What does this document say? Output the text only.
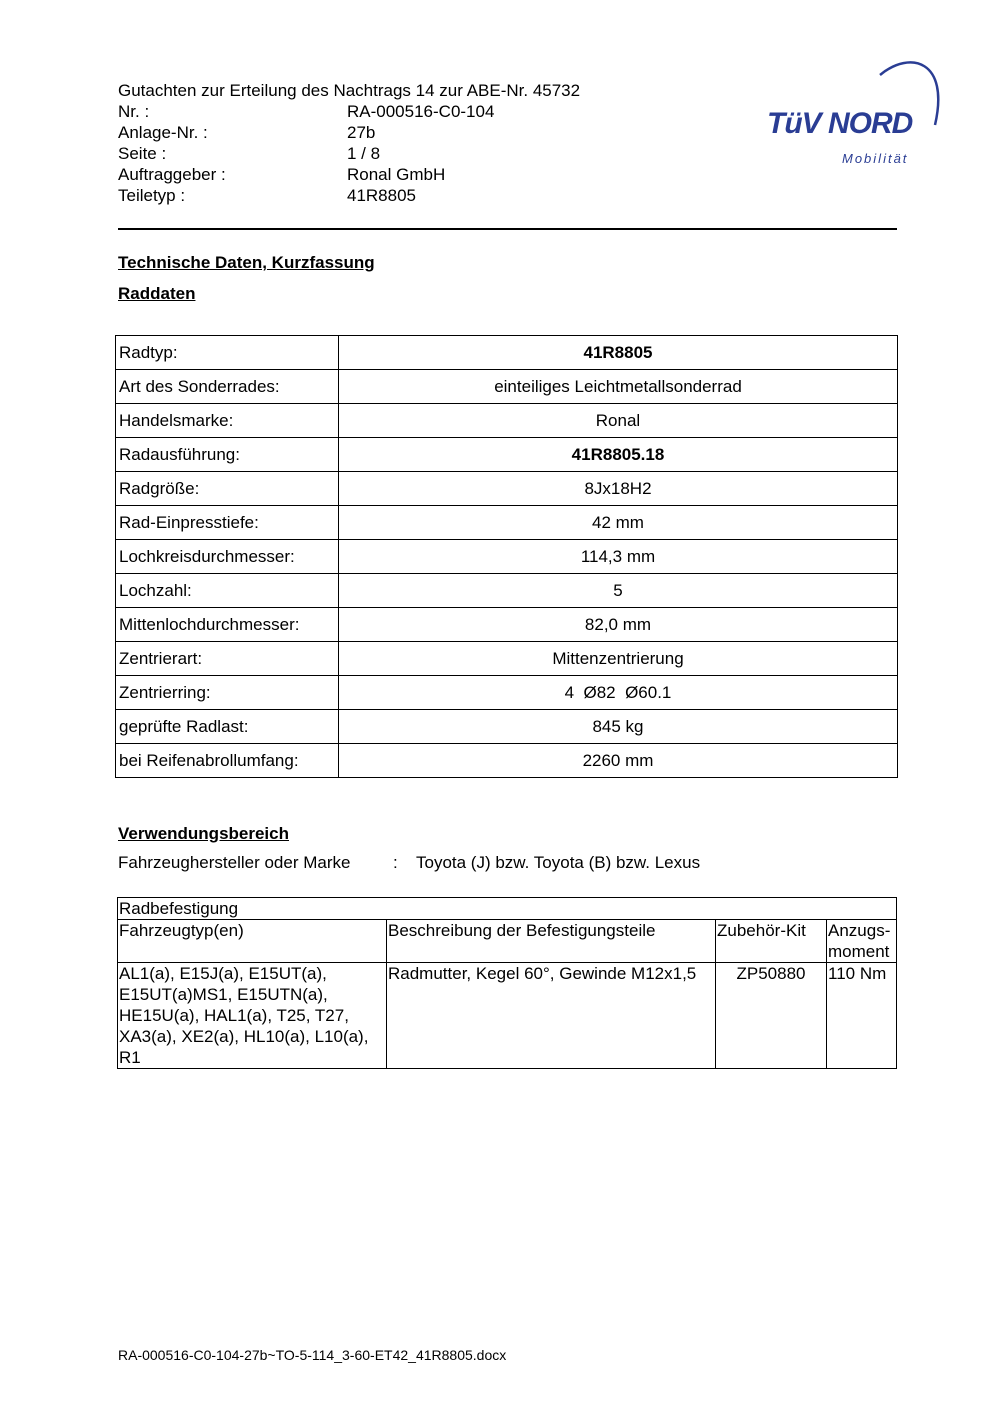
Gutachten zur Erteilung des Nachtrags 14 zur ABE-Nr. 45732
Nr. :	RA-000516-C0-104
Anlage-Nr. :	27b
Seite :	1 / 8
Auftraggeber :	Ronal GmbH
Teiletyp :	41R8805
TüV NORD
Mobilität
Technische Daten, Kurzfassung
Raddaten
Radtyp:	41R8805
Art des Sonderrades:	einteiliges Leichtmetallsonderrad
Handelsmarke:	Ronal
Radausführung:	41R8805.18
Radgröße:	8Jx18H2
Rad-Einpresstiefe:	42 mm
Lochkreisdurchmesser:	114,3 mm
Lochzahl:	5
Mittenlochdurchmesser:	82,0 mm
Zentrierart:	Mittenzentrierung
Zentrierring:	4  Ø82  Ø60.1
geprüfte Radlast:	845 kg
bei Reifenabrollumfang:	2260 mm
Verwendungsbereich
Fahrzeughersteller oder Marke	: Toyota (J) bzw. Toyota (B) bzw. Lexus
Radbefestigung			
Fahrzeugtyp(en)	Beschreibung der Befestigungsteile	Zubehör-Kit	Anzugs-
moment
AL1(a), E15J(a), E15UT(a), E15UT(a)MS1, E15UTN(a), HE15U(a), HAL1(a), T25, T27, XA3(a), XE2(a), HL10(a), L10(a), R1	Radmutter, Kegel 60°, Gewinde M12x1,5	ZP50880	110 Nm
RA-000516-C0-104-27b~TO-5-114_3-60-ET42_41R8805.docx
